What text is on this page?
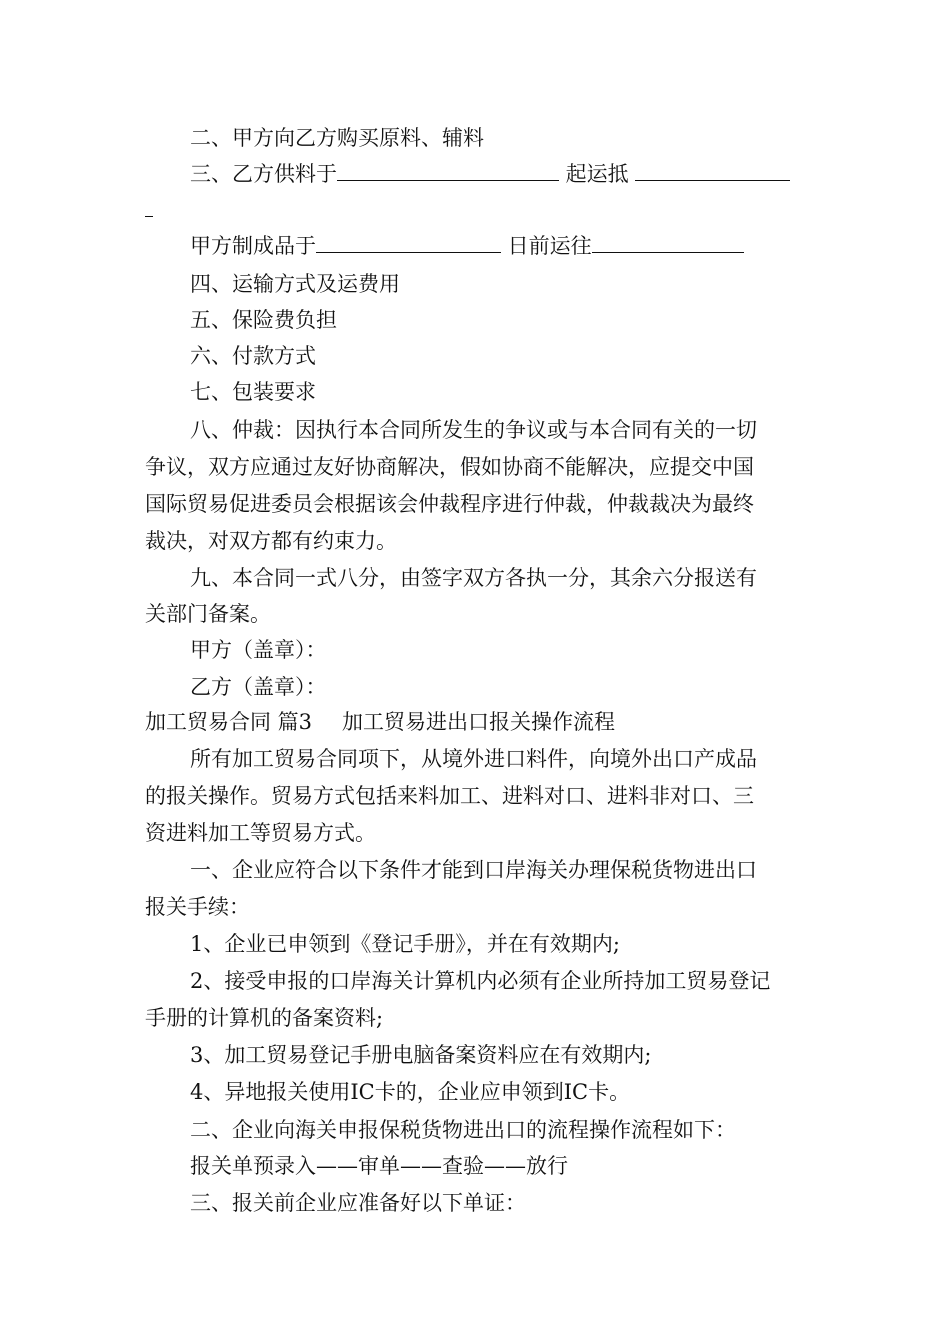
二、甲方向乙方购买原料、辅料
三、乙方供料于	起运抵
甲方制成品于	日前运往
四、运输方式及运费用
五、保险费负担
六、付款方式
七、包装要求
八、仲裁：因执行本合同所发生的争议或与本合同有关的一切
争议，双方应通过友好协商解决，假如协商不能解决，应提交中国
国际贸易促进委员会根据该会仲裁程序进行仲裁，仲裁裁决为最终
裁决，对双方都有约束力。
九、本合同一式八分，由签字双方各执一分，其余六分报送有
关部门备案。
甲方（盖章）：
乙方（盖章）：
加工贸易合同 篇3 加工贸易进出口报关操作流程
所有加工贸易合同项下，从境外进口料件，向境外出口产成品
的报关操作。贸易方式包括来料加工、进料对口、进料非对口、三
资进料加工等贸易方式。
一、企业应符合以下条件才能到口岸海关办理保税货物进出口
报关手续：
1、企业已申领到《登记手册》，并在有效期内;
2、接受申报的口岸海关计算机内必须有企业所持加工贸易登记
手册的计算机的备案资料;
3、加工贸易登记手册电脑备案资料应在有效期内;
4、异地报关使用IC卡的，企业应申领到IC卡。
二、企业向海关申报保税货物进出口的流程操作流程如下：
报关单预录入——审单——查验——放行
三、报关前企业应准备好以下单证：
